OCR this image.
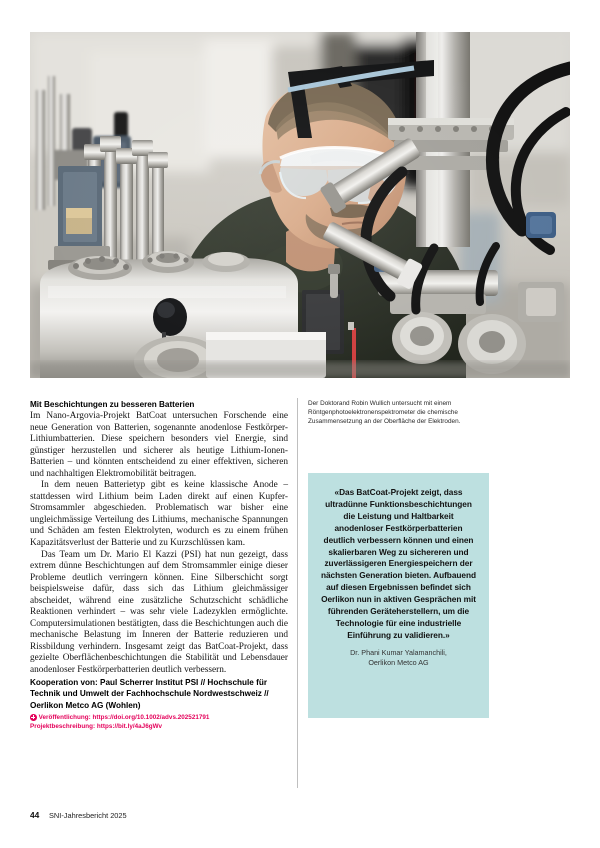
Mit Beschichtungen zu besseren Batterien

Im Nano-Argovia-Projekt BatCoat untersuchen Forschende eine neue Generation von Batterien, sogenannte anodenlose Festkörper-Lithiumbatterien. Diese speichern besonders viel Energie, sind günstiger herzustellen und sicherer als heutige Lithium-Ionen-Batterien – und könnten entscheidend zu einer effektiven, sicheren und nachhaltigen Elektromobilität beitragen.

In dem neuen Batterietyp gibt es keine klassische Anode – stattdessen wird Lithium beim Laden direkt auf einen Kupfer-Stromsammler abgeschieden. Problematisch war bisher eine ungleichmässige Verteilung des Lithiums, mechanische Spannungen und Schäden am festen Elektrolyten, wodurch es zu einem frühen Kapazitätsverlust der Batterie und zu Kurzschlüssen kam.

Das Team um Dr. Mario El Kazzi (PSI) hat nun gezeigt, dass extrem dünne Beschichtungen auf dem Stromsammler einige dieser Probleme deutlich verringern können. Eine Silberschicht sorgt beispielsweise dafür, dass sich das Lithium gleichmässiger abscheidet, während eine zusätzliche Schutzschicht schädliche Reaktionen verhindert – was sehr viele Ladezyklen ermöglichte. Computersimulationen bestätigten, dass die Beschichtungen auch die mechanische Belastung im Inneren der Batterie reduzieren und Rissbildung verhindern. Insgesamt zeigt das BatCoat-Projekt, dass gezielte Oberflächenbeschichtungen die Stabilität und Lebensdauer anodenloser Festkörperbatterien deutlich verbessern.

Kooperation von: Paul Scherrer Institut PSI // Hochschule für Technik und Umwelt der Fachhochschule Nordwestschweiz // Oerlikon Metco AG (Wohlen)

Veröffentlichung: https://doi.org/10.1002/advs.202521791
Projektbeschreibung: https://bit.ly/4aJ6gWv

Der Doktorand Robin Wullich untersucht mit einem Röntgenphotoelektronenspektrometer die chemische Zusammensetzung an der Oberfläche der Elektroden.

«Das BatCoat-Projekt zeigt, dass ultradünne Funktionsbeschichtungen die Leistung und Haltbarkeit anodenloser Festkörperbatterien deutlich verbessern können und einen skalierbaren Weg zu sichereren und zuverlässigeren Energiespeichern der nächsten Generation bieten. Aufbauend auf diesen Ergebnissen befindet sich Oerlikon nun in aktiven Gesprächen mit führenden Geräteherstellern, um die Technologie für eine industrielle Einführung zu validieren.»

Dr. Phani Kumar Yalamanchili,
Oerlikon Metco AG

44	SNI-Jahresbericht 2025
